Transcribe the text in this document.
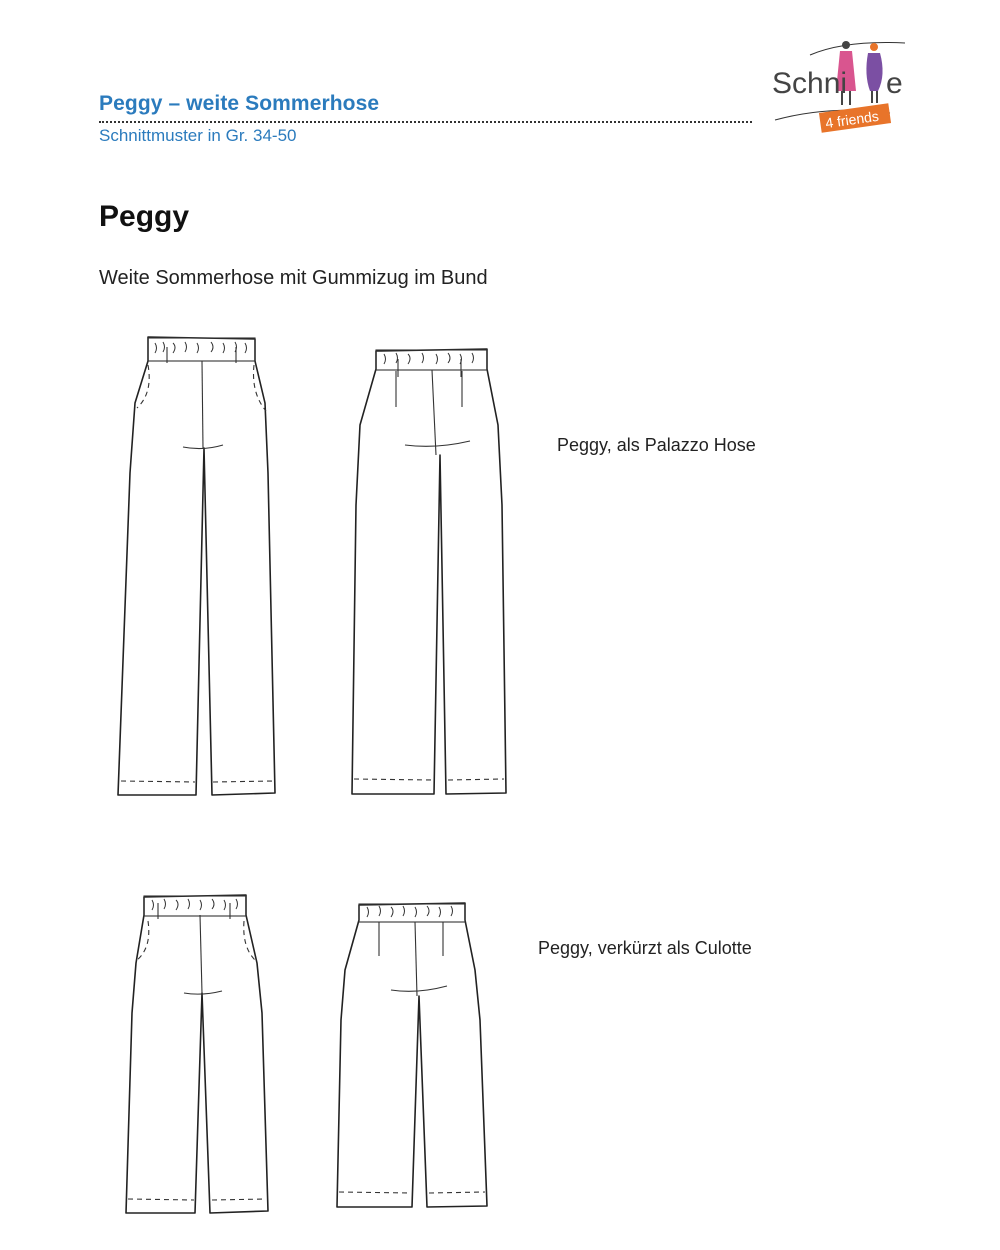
Peggy – weite Sommerhose
Schnittmuster in Gr. 34-50
Schni e
4 friends
Peggy
Weite Sommerhose mit Gummizug im Bund
Peggy, als Palazzo Hose
Peggy, verkürzt als Culotte
